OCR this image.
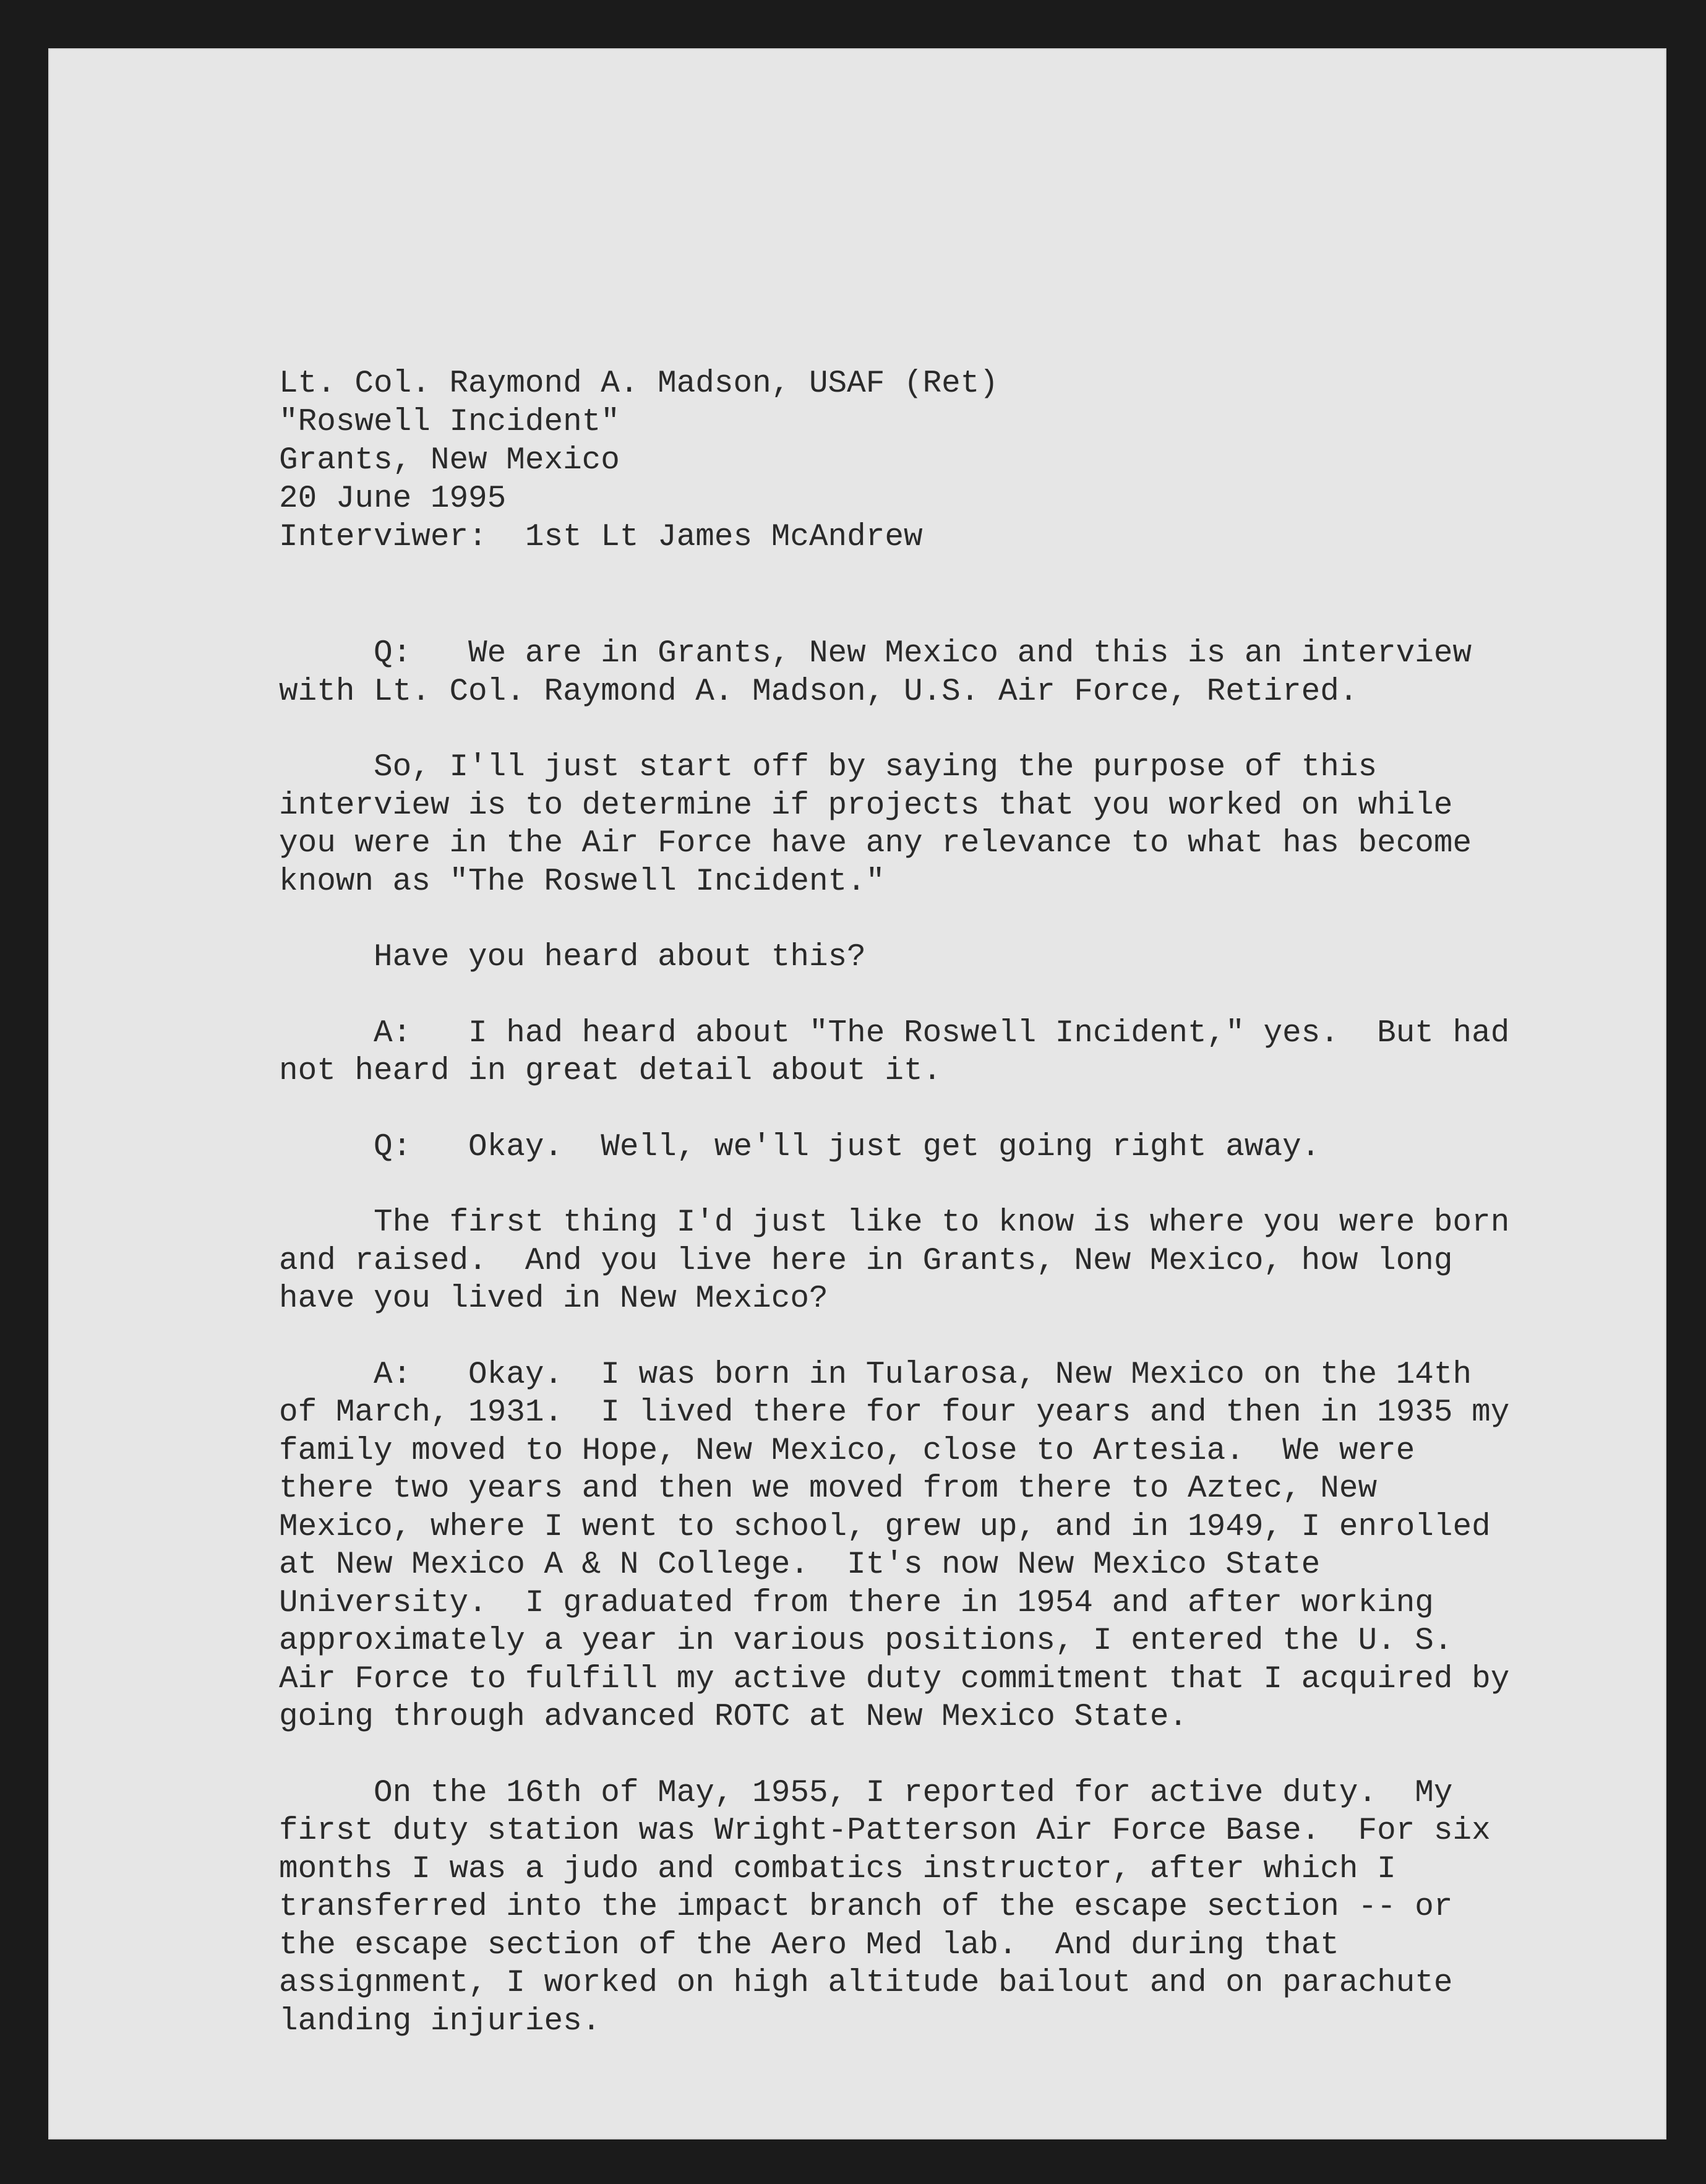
Lt. Col. Raymond A. Madson, USAF (Ret)
"Roswell Incident"
Grants, New Mexico
20 June 1995
Interviwer:  1st Lt James McAndrew

Q:   We are in Grants, New Mexico and this is an interview
with Lt. Col. Raymond A. Madson, U.S. Air Force, Retired.

So, I'll just start off by saying the purpose of this
interview is to determine if projects that you worked on while
you were in the Air Force have any relevance to what has become
known as "The Roswell Incident."

Have you heard about this?

A:   I had heard about "The Roswell Incident," yes.  But had
not heard in great detail about it.

Q:   Okay.  Well, we'll just get going right away.

The first thing I'd just like to know is where you were born
and raised.  And you live here in Grants, New Mexico, how long
have you lived in New Mexico?

A:   Okay.  I was born in Tularosa, New Mexico on the 14th
of March, 1931.  I lived there for four years and then in 1935 my
family moved to Hope, New Mexico, close to Artesia.  We were
there two years and then we moved from there to Aztec, New
Mexico, where I went to school, grew up, and in 1949, I enrolled
at New Mexico A & N College.  It's now New Mexico State
University.  I graduated from there in 1954 and after working
approximately a year in various positions, I entered the U. S.
Air Force to fulfill my active duty commitment that I acquired by
going through advanced ROTC at New Mexico State.

On the 16th of May, 1955, I reported for active duty.  My
first duty station was Wright-Patterson Air Force Base.  For six
months I was a judo and combatics instructor, after which I
transferred into the impact branch of the escape section -- or
the escape section of the Aero Med lab.  And during that
assignment, I worked on high altitude bailout and on parachute
landing injuries.
